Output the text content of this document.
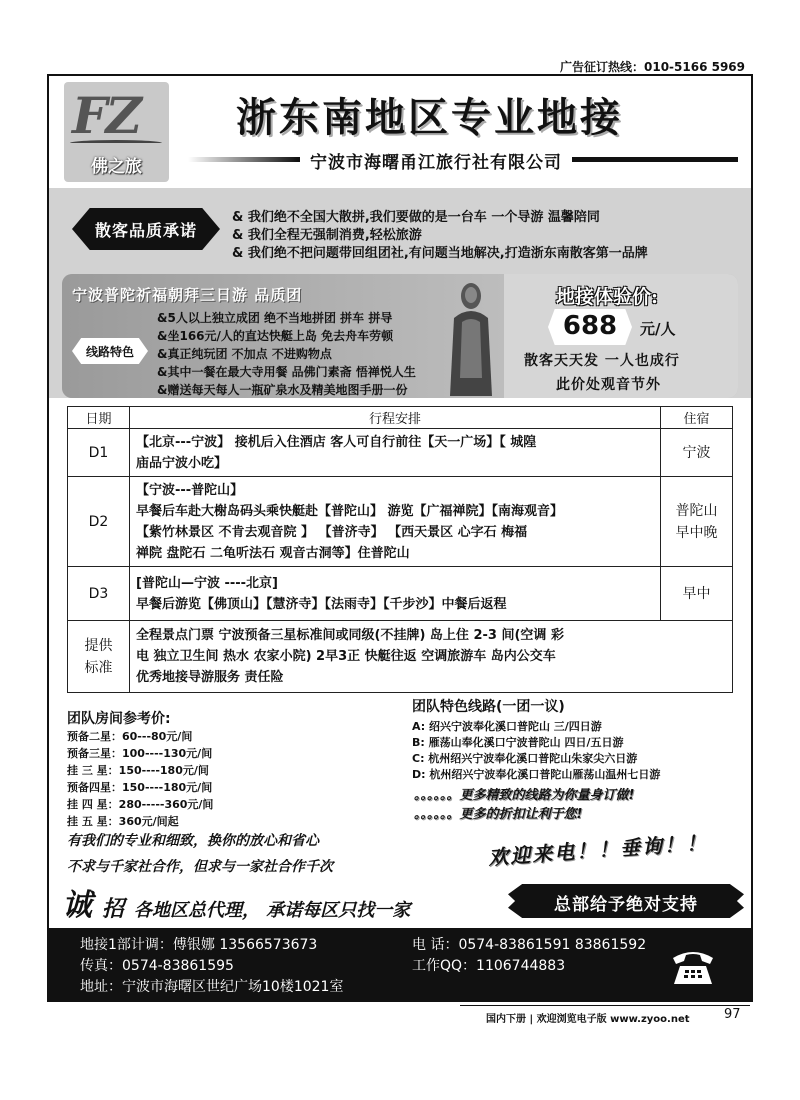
广告征订热线：010-5166 5969
FZ
佛之旅
浙东南地区专业地接
宁波市海曙甬江旅行社有限公司
散客品质承诺
& 我们绝不全国大散拼,我们要做的是一台车 一个导游 温馨陪同
& 我们全程无强制消费,轻松旅游
& 我们绝不把问题带回组团社,有问题当地解决,打造浙东南散客第一品牌
宁波普陀祈福朝拜三日游 品质团
线路特色
&5人以上独立成团 绝不当地拼团 拼车 拼导
&坐166元/人的直达快艇上岛 免去舟车劳顿
&真正纯玩团 不加点 不进购物点
&其中一餐在最大寺用餐 品佛门素斋 悟禅悦人生
&赠送每天每人一瓶矿泉水及精美地图手册一份
地接体验价:
688	元/人
散客天天发 一人也成行
此价处观音节外
日期	行程安排	住宿
D1	【北京---宁波】 接机后入住酒店 客人可自行前往【天一广场】【 城隍
庙品宁波小吃】	宁波
D2	【宁波---普陀山】
早餐后车赴大榭岛码头乘快艇赴【普陀山】 游览【广福禅院】【南海观音】
【紫竹林景区 不肯去观音院 】 【普济寺】 【西天景区 心字石 梅福
禅院 盘陀石 二龟听法石 观音古洞等】住普陀山	普陀山
早中晚

D3	[普陀山—宁波 ----北京]
早餐后游览【佛顶山】【慧济寺】【法雨寺】【千步沙】中餐后返程	早中
提供
标准	全程景点门票 宁波预备三星标准间或同级(不挂牌) 岛上住 2-3 间(空调 彩
电 独立卫生间 热水 农家小院) 2早3正 快艇往返 空调旅游车 岛内公交车
优秀地接导游服务 责任险	
团队房间参考价:
预备二星：60---80元/间
预备三星：100----130元/间
挂 三 星：150----180元/间
预备四星：150----180元/间
挂 四 星：280-----360元/间
挂 五 星：360元/间起
有我们的专业和细致，换你的放心和省心
不求与千家社合作，但求与一家社合作千次
团队特色线路(一团一议)
A: 绍兴宁波奉化溪口普陀山 三/四日游
B: 雁荡山奉化溪口宁波普陀山 四日/五日游
C: 杭州绍兴宁波奉化溪口普陀山朱家尖六日游
D: 杭州绍兴宁波奉化溪口普陀山雁荡山温州七日游
。。。。。。更多精致的线路为你量身订做!
。。。。。。更多的折扣让利于您!
欢迎来电！！垂询！！
诚 招 各地区总代理， 承诺每区只找一家	总部给予绝对支持
地接1部计调：傅银娜 13566573673	电 话：0574-83861591 83861592
传真：0574-83861595	工作QQ：1106744883
地址：宁波市海曙区世纪广场10楼1021室
国内下册 | 欢迎浏览电子版 www.zyoo.net	97
